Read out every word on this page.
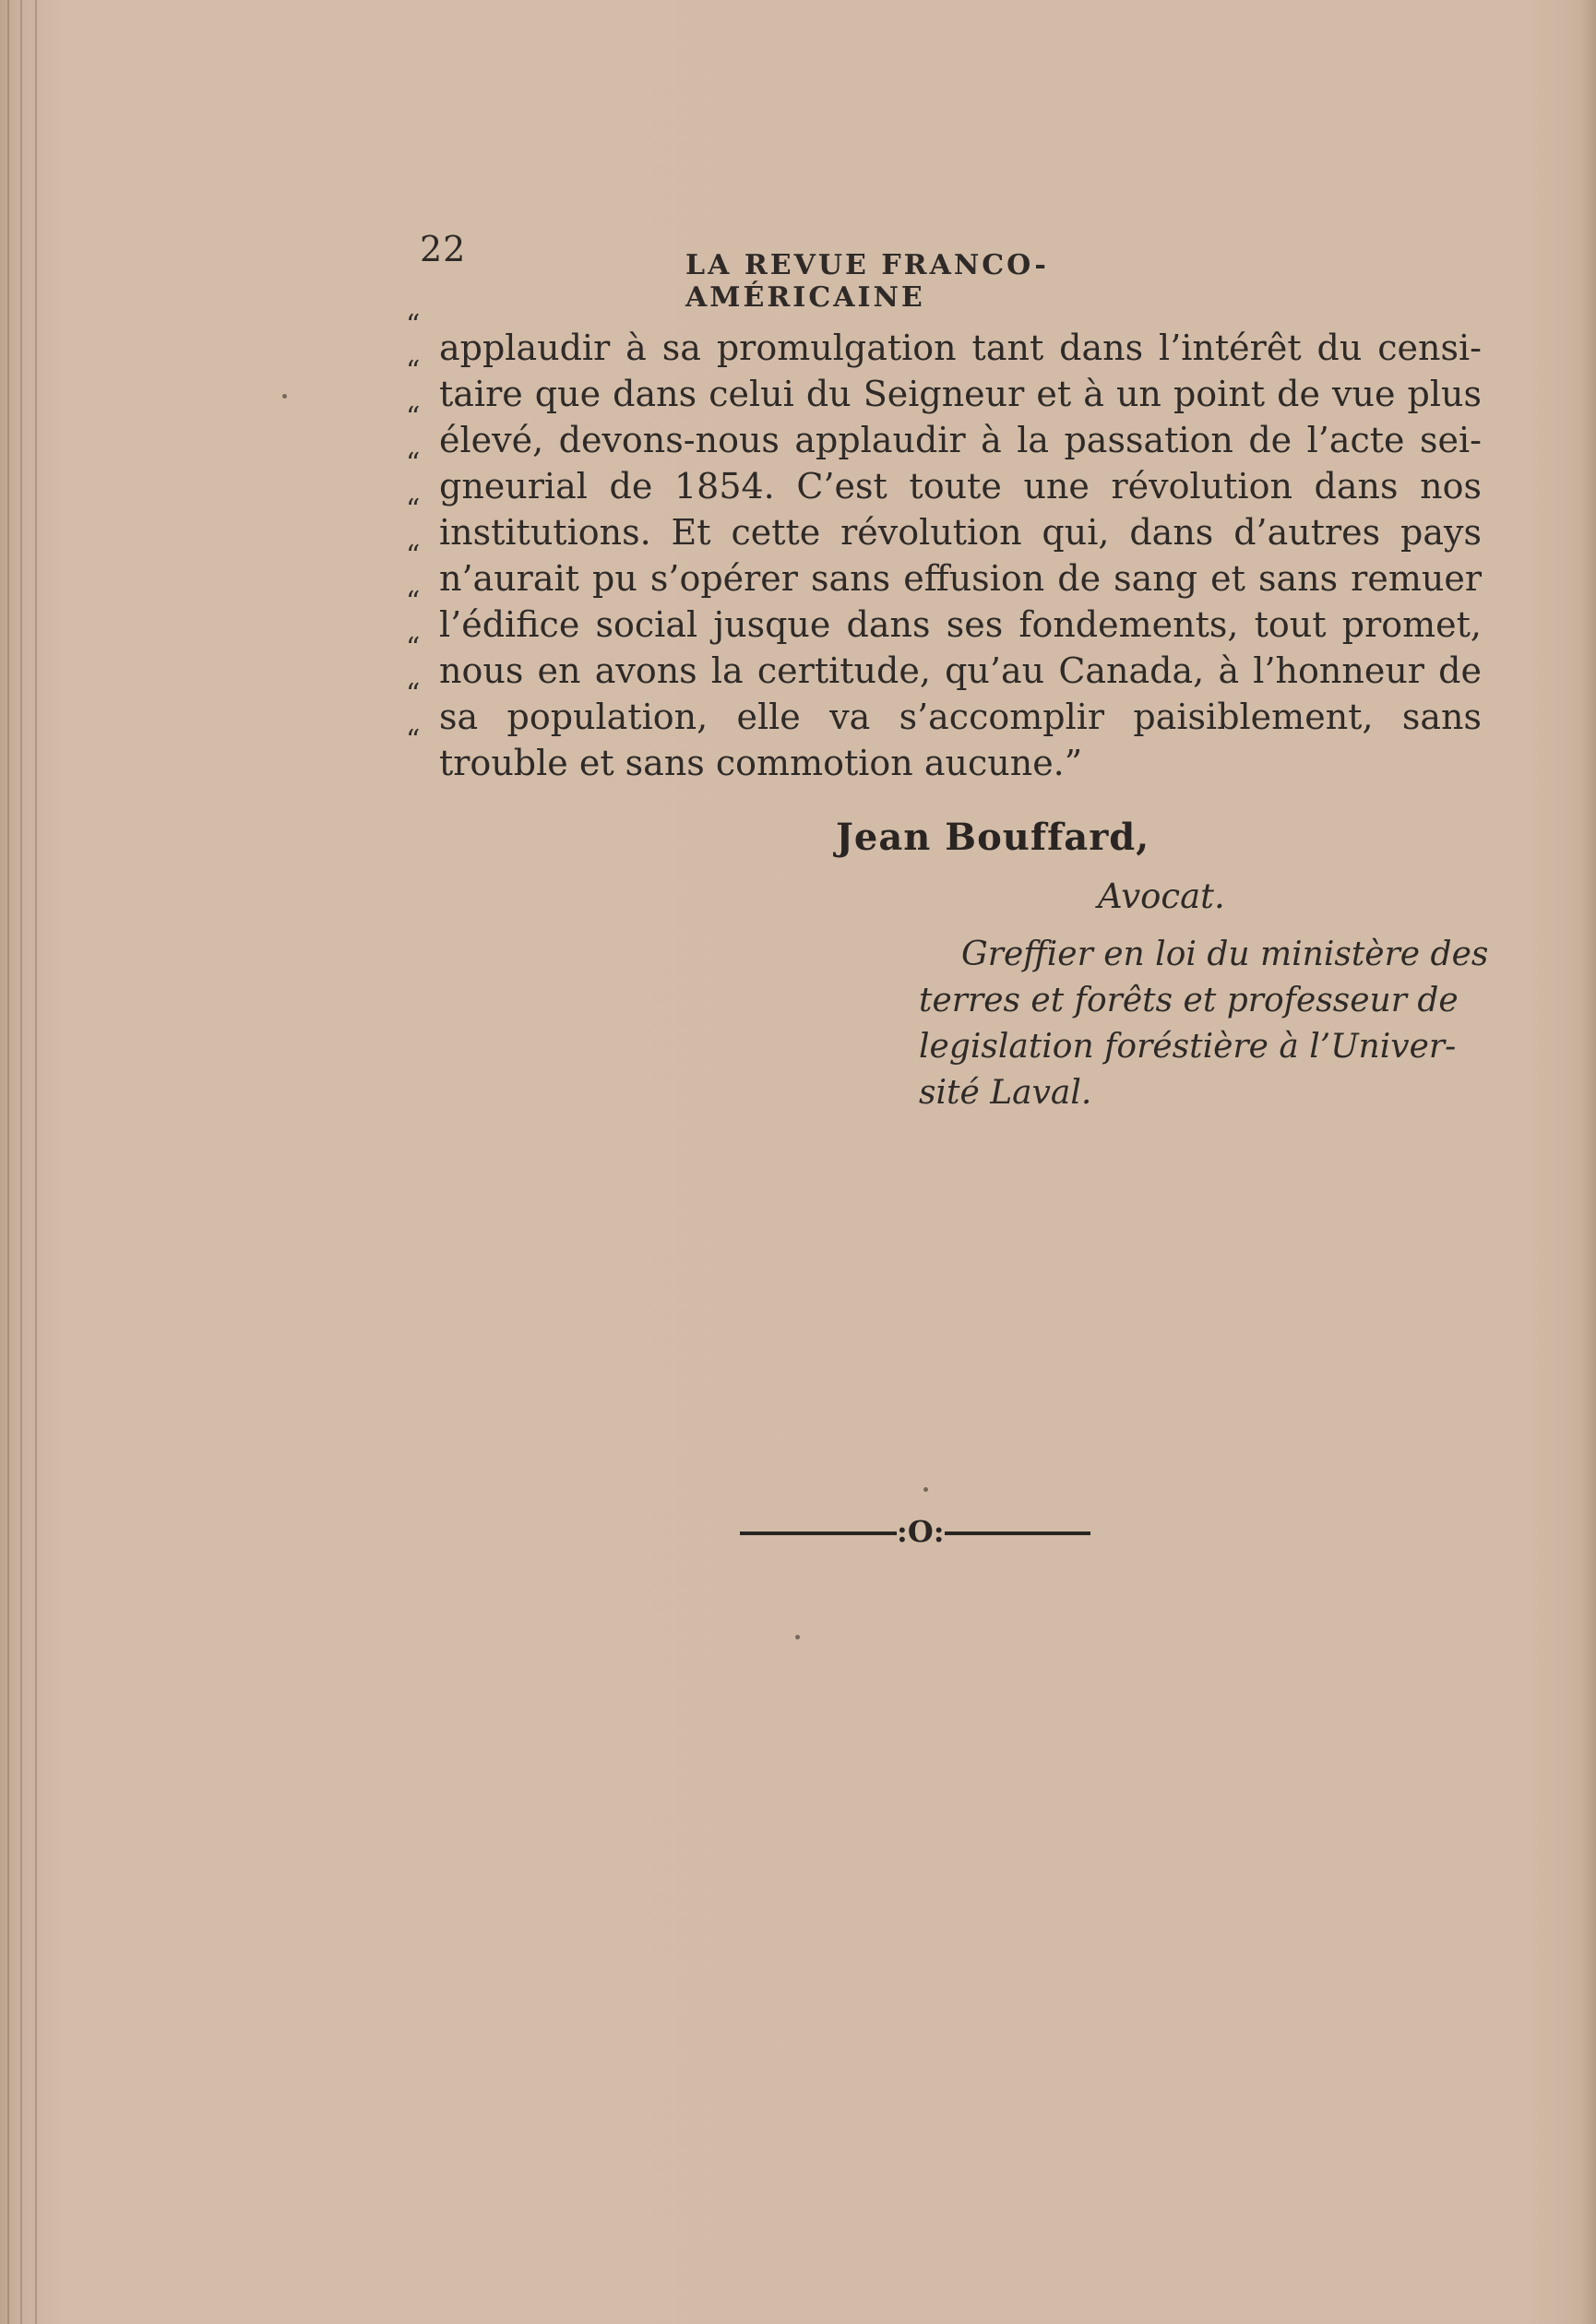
22	LA REVUE FRANCO-AMÉRICAINE
“
applaudir à sa promulgation tant dans l’intérêt du censi-
“
taire que dans celui du Seigneur et à un point de vue plus
“
élevé, devons-nous applaudir à la passation de l’acte sei-
“
gneurial de 1854. C’est toute une révolution dans nos
“
institutions. Et cette révolution qui, dans d’autres pays
“
n’aurait pu s’opérer sans effusion de sang et sans remuer
“
l’édifice social jusque dans ses fondements, tout promet,
“
nous en avons la certitude, qu’au Canada, à l’honneur de
“
sa population, elle va s’accomplir paisiblement, sans
“
trouble et sans commotion aucune.”
Jean Bouffard,
Avocat.
Greffier en loi du ministère des
terres et forêts et professeur de
legislation foréstière à l’Univer-
sité Laval.
:O:
